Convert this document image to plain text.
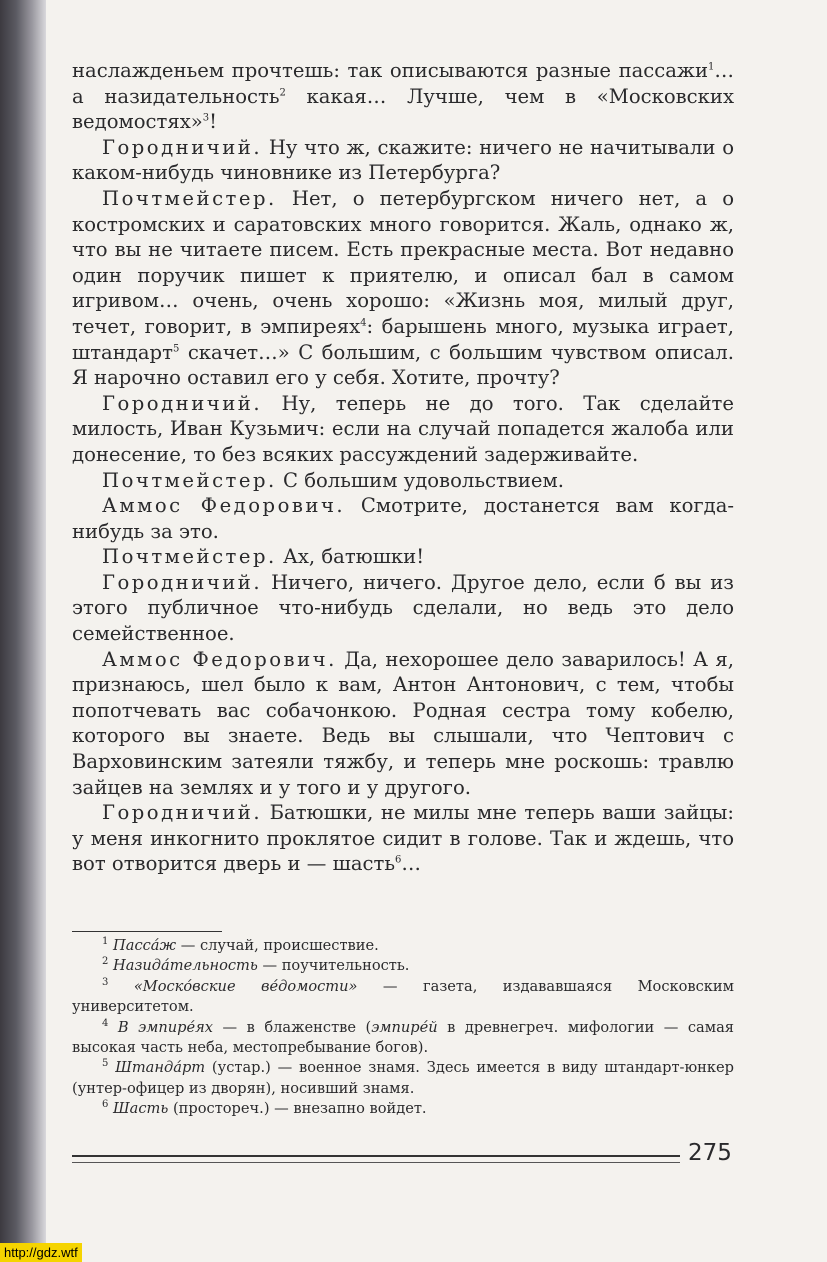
наслажденьем прочтешь: так описываются разные пассажи$^1$… а назидательность$^2$ какая… Лучше, чем в «Московских ведомостях»$^3$!

Городничий. Ну что ж, скажите: ничего не начитывали о каком-нибудь чиновнике из Петербурга?

Почтмейстер. Нет, о петербургском ничего нет, а о костромских и саратовских много говорится. Жаль, однако ж, что вы не читаете писем. Есть прекрасные места. Вот недавно один поручик пишет к приятелю, и описал бал в самом игривом… очень, очень хорошо: «Жизнь моя, милый друг, течет, говорит, в эмпиреях$^4$: барышень много, музыка играет, штандарт$^5$ скачет…» С большим, с большим чувством описал. Я нарочно оставил его у себя. Хотите, прочту?

Городничий. Ну, теперь не до того. Так сделайте милость, Иван Кузьмич: если на случай попадется жалоба или донесение, то без всяких рассуждений задерживайте.

Почтмейстер. С большим удовольствием.

Аммос Федорович. Смотрите, достанется вам когда-нибудь за это.

Почтмейстер. Ах, батюшки!

Городничий. Ничего, ничего. Другое дело, если б вы из этого публичное что-нибудь сделали, но ведь это дело семейственное.

Аммос Федорович. Да, нехорошее дело заварилось! А я, признаюсь, шел было к вам, Антон Антонович, с тем, чтобы попотчевать вас собачонкою. Родная сестра тому кобелю, которого вы знаете. Ведь вы слышали, что Чептович с Варховинским затеяли тяжбу, и теперь мне роскошь: травлю зайцев на землях и у того и у другого.

Городничий. Батюшки, не милы мне теперь ваши зайцы: у меня инкогнито проклятое сидит в голове. Так и ждешь, что вот отворится дверь и — шасть$^6$…

$^1$ Пасса́ж — случай, происшествие.

$^2$ Назида́тельность — поучительность.

$^3$ «Моско́вские ве́домости» — газета, издававшаяся Московским университетом.

$^4$ В эмпире́ях — в блаженстве (эмпире́й в древнегреч. мифологии — самая высокая часть неба, местопребывание богов).

$^5$ Штанда́рт (устар.) — военное знамя. Здесь имеется в виду штандарт-юнкер (унтер-офицер из дворян), носивший знамя.

$^6$ Шасть (простореч.) — внезапно войдет.

275
http://gdz.wtf
